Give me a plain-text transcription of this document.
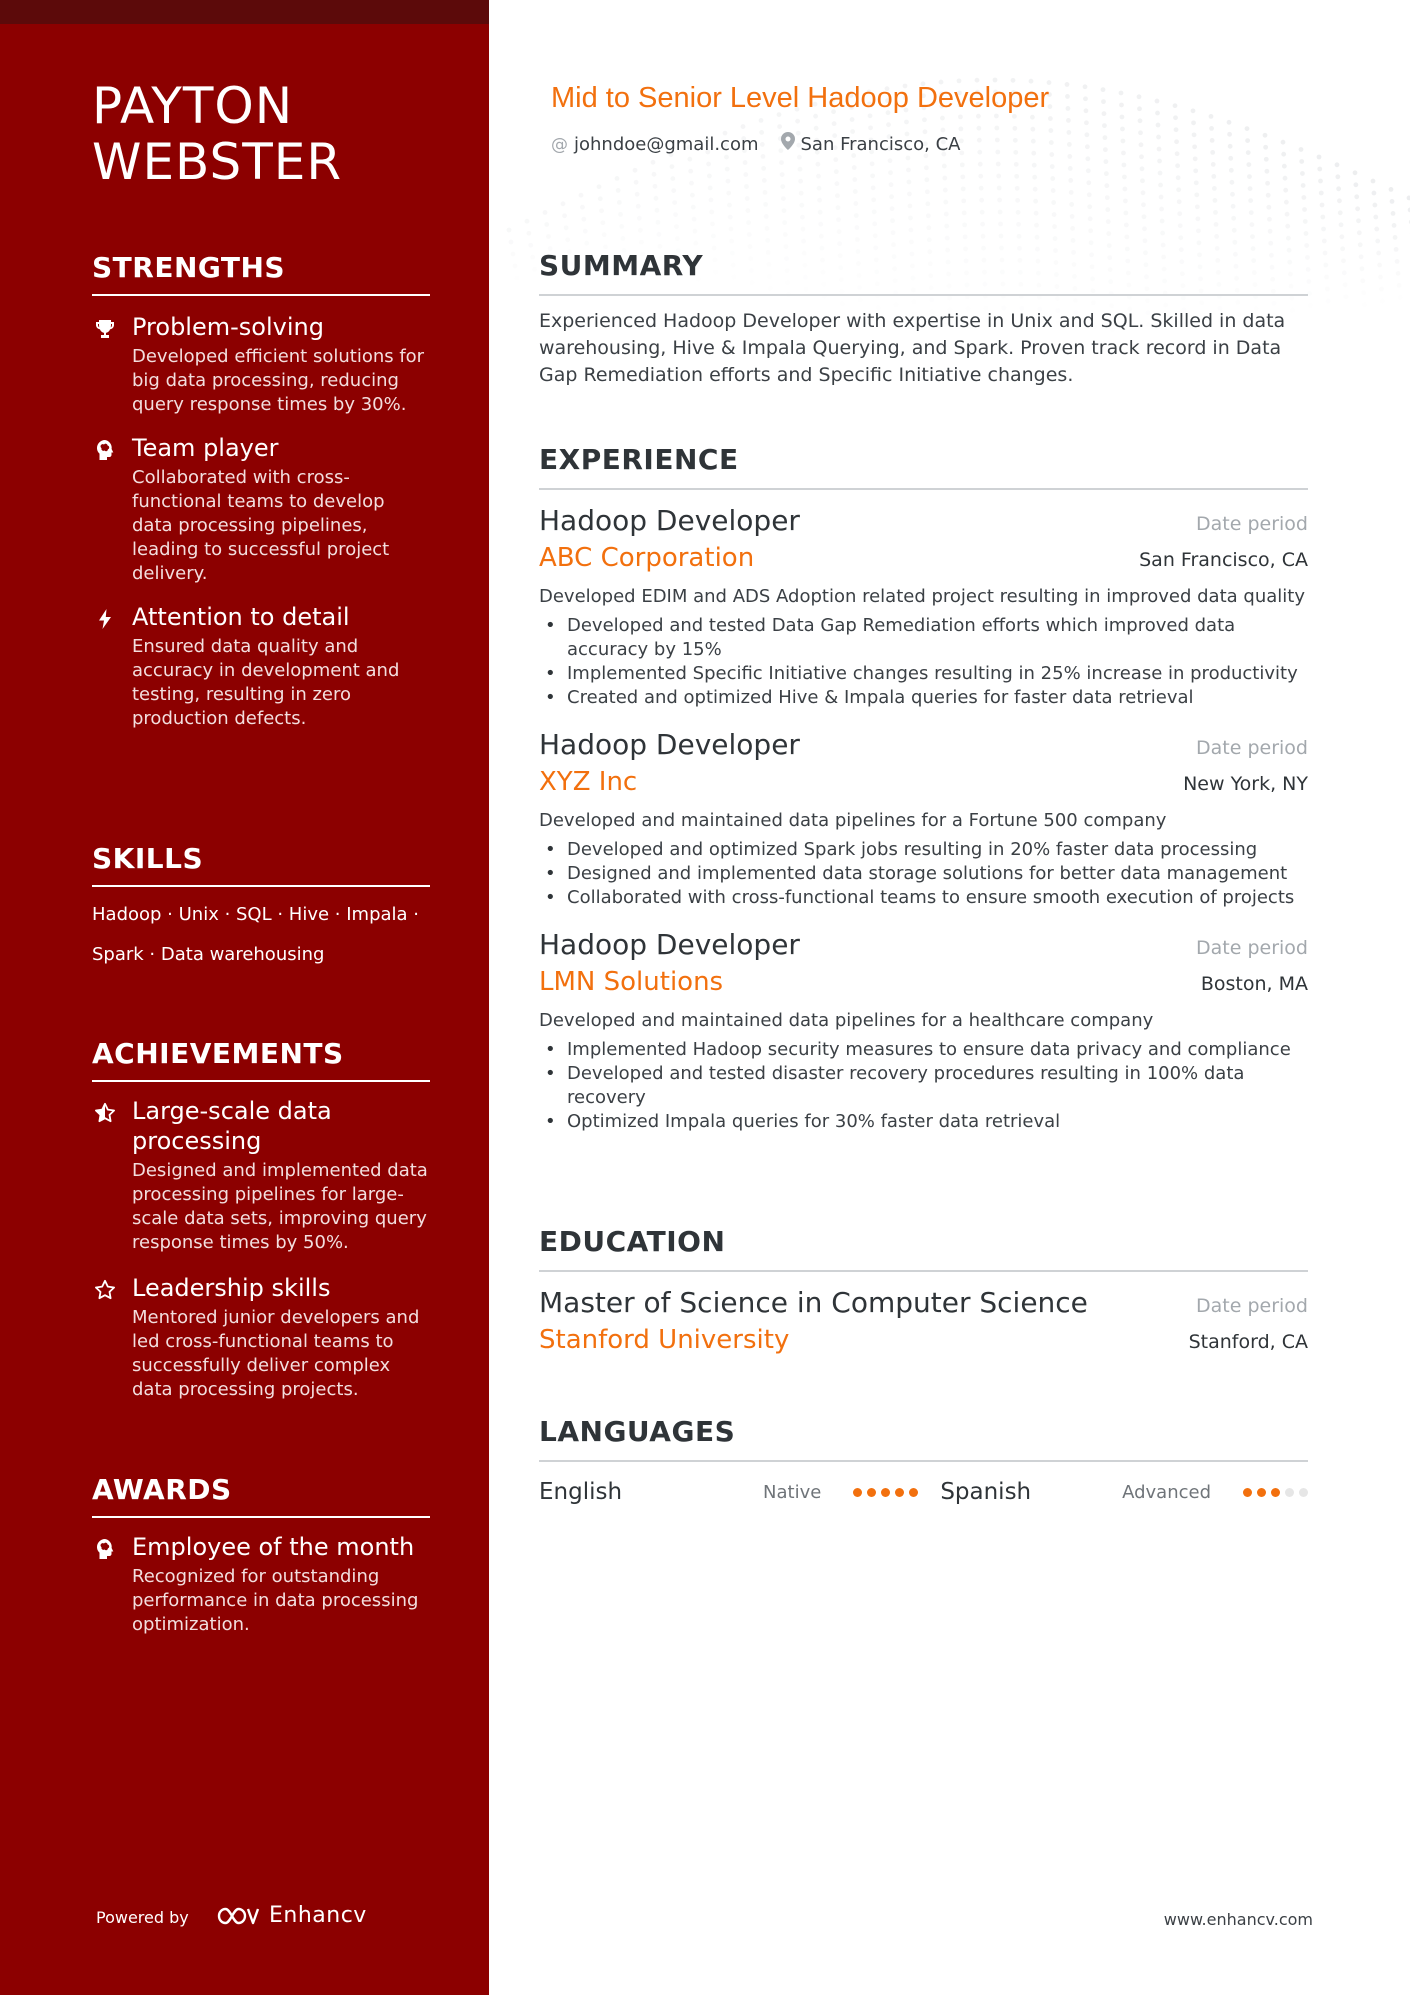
PAYTON
WEBSTER
STRENGTHS
Problem-solving
Developed efficient solutions for big data processing, reducing query response times by 30%.
Team player
Collaborated with cross-functional teams to develop data processing pipelines, leading to successful project delivery.
Attention to detail
Ensured data quality and accuracy in development and testing, resulting in zero production defects.
SKILLS
Hadoop · Unix · SQL · Hive · Impala ·
Spark · Data warehousing
ACHIEVEMENTS
Large-scale data processing
Designed and implemented data processing pipelines for large-scale data sets, improving query response times by 50%.
Leadership skills
Mentored junior developers and led cross-functional teams to successfully deliver complex data processing projects.
AWARDS
Employee of the month
Recognized for outstanding performance in data processing optimization.
Powered by	Enhancv
Mid to Senior Level Hadoop Developer
@ johndoe@gmail.com San Francisco, CA
SUMMARY

Experienced Hadoop Developer with expertise in Unix and SQL. Skilled in data warehousing, Hive & Impala Querying, and Spark. Proven track record in Data Gap Remediation efforts and Specific Initiative changes.

EXPERIENCE
Hadoop Developer	Date period
ABC Corporation	San Francisco, CA
Developed EDIM and ADS Adoption related project resulting in improved data quality
• Developed and tested Data Gap Remediation efforts which improved data accuracy by 15%
• Implemented Specific Initiative changes resulting in 25% increase in productivity
• Created and optimized Hive & Impala queries for faster data retrieval
Hadoop Developer	Date period
XYZ Inc	New York, NY
Developed and maintained data pipelines for a Fortune 500 company
• Developed and optimized Spark jobs resulting in 20% faster data processing
• Designed and implemented data storage solutions for better data management
• Collaborated with cross-functional teams to ensure smooth execution of projects
Hadoop Developer	Date period
LMN Solutions	Boston, MA
Developed and maintained data pipelines for a healthcare company
• Implemented Hadoop security measures to ensure data privacy and compliance
• Developed and tested disaster recovery procedures resulting in 100% data recovery
• Optimized Impala queries for 30% faster data retrieval
EDUCATION
Master of Science in Computer Science	Date period
Stanford University	Stanford, CA
LANGUAGES
English	Native	Spanish	Advanced
www.enhancv.com
